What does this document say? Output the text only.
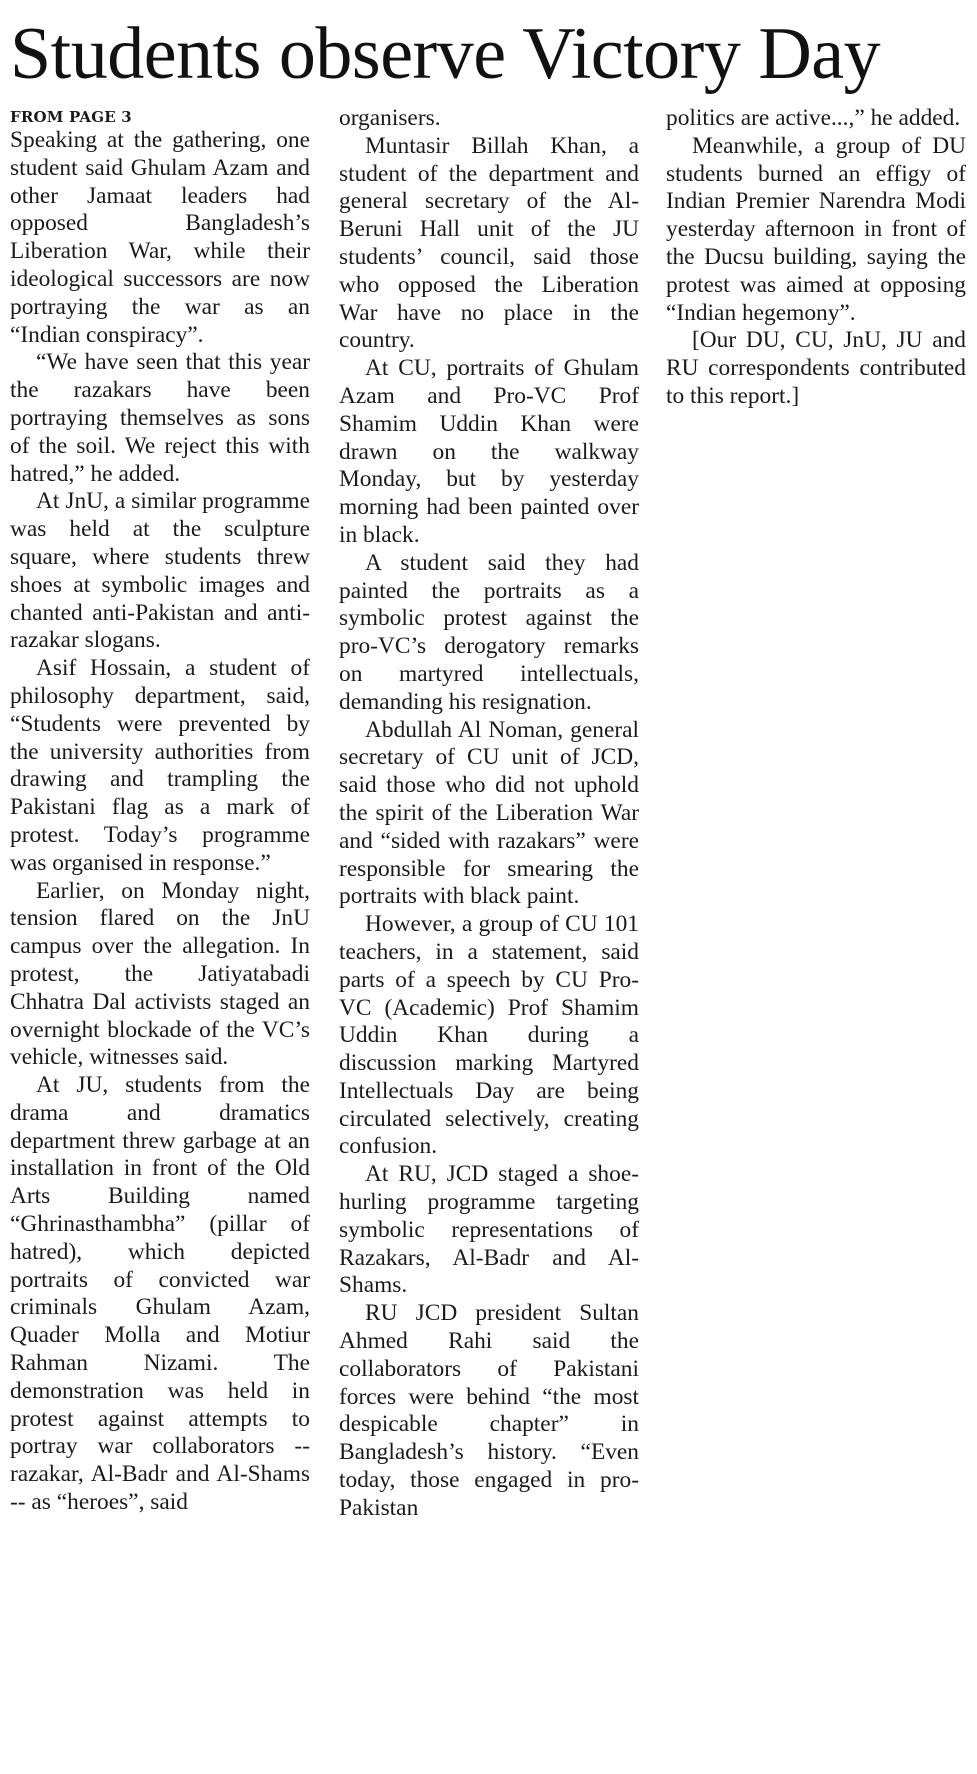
Students observe Victory Day
FROM PAGE 3

Speaking at the gathering, one student said Ghulam Azam and other Jamaat leaders had opposed Bangladesh’s Liberation War, while their ideological successors are now portraying the war as an “Indian conspiracy”.

“We have seen that this year the razakars have been portraying themselves as sons of the soil. We reject this with hatred,” he added.

At JnU, a similar programme was held at the sculpture square, where students threw shoes at symbolic images and chanted anti-Pakistan and anti-razakar slogans.

Asif Hossain, a student of philosophy department, said, “Students were prevented by the university authorities from drawing and trampling the Pakistani flag as a mark of protest. Today’s programme was organised in response.”

Earlier, on Monday night, tension flared on the JnU campus over the allegation. In protest, the Jatiyatabadi Chhatra Dal activists staged an overnight blockade of the VC’s vehicle, witnesses said.

At JU, students from the drama and dramatics department threw garbage at an installation in front of the Old Arts Building named “Ghrinasthambha” (pillar of hatred), which depicted portraits of convicted war criminals Ghulam Azam, Quader Molla and Motiur Rahman Nizami. The demonstration was held in protest against attempts to portray war collaborators -- razakar, Al-Badr and Al-Shams -- as “heroes”, said

organisers.

Muntasir Billah Khan, a student of the department and general secretary of the Al-Beruni Hall unit of the JU students’ council, said those who opposed the Liberation War have no place in the country.

At CU, portraits of Ghulam Azam and Pro-VC Prof Shamim Uddin Khan were drawn on the walkway Monday, but by yesterday morning had been painted over in black.

A student said they had painted the portraits as a symbolic protest against the pro-VC’s derogatory remarks on martyred intellectuals, demanding his resignation.

Abdullah Al Noman, general secretary of CU unit of JCD, said those who did not uphold the spirit of the Liberation War and “sided with razakars” were responsible for smearing the portraits with black paint.

However, a group of CU 101 teachers, in a statement, said parts of a speech by CU Pro-VC (Academic) Prof Shamim Uddin Khan during a discussion marking Martyred Intellectuals Day are being circulated selectively, creating confusion.

At RU, JCD staged a shoe-hurling programme targeting symbolic representations of Razakars, Al-Badr and Al-Shams.

RU JCD president Sultan Ahmed Rahi said the collaborators of Pakistani forces were behind “the most despicable chapter” in Bangladesh’s history. “Even today, those engaged in pro-Pakistan

politics are active...,” he added.

Meanwhile, a group of DU students burned an effigy of Indian Premier Narendra Modi yesterday afternoon in front of the Ducsu building, saying the protest was aimed at opposing “Indian hegemony”.

[Our DU, CU, JnU, JU and RU correspondents contributed to this report.]
